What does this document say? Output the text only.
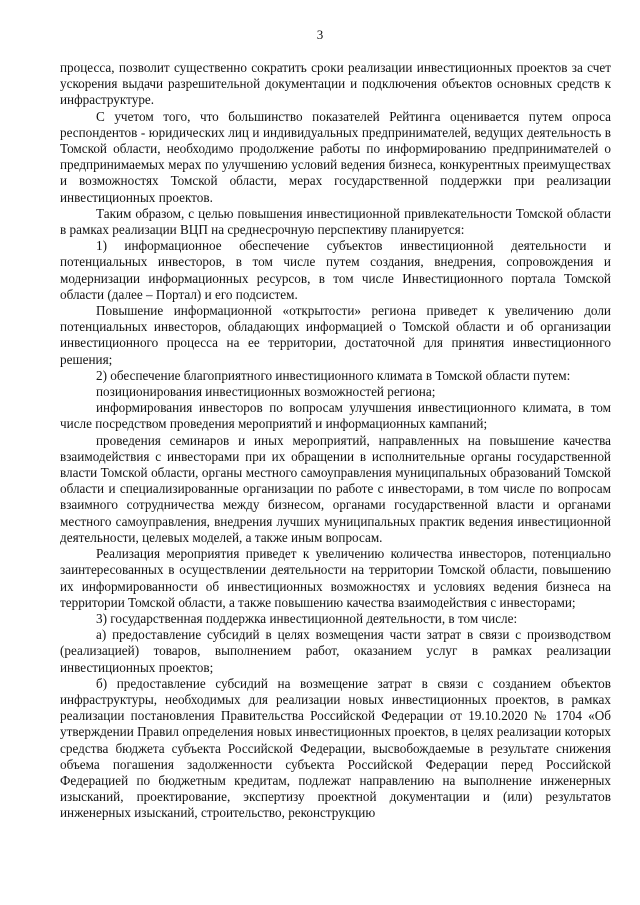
3

процесса, позволит существенно сократить сроки реализации инвестиционных проектов за счет ускорения выдачи разрешительной документации и подключения объектов основных средств к инфраструктуре.

С учетом того, что большинство показателей Рейтинга оценивается путем опроса респондентов - юридических лиц и индивидуальных предпринимателей, ведущих деятельность в Томской области, необходимо продолжение работы по информированию предпринимателей о предпринимаемых мерах по улучшению условий ведения бизнеса, конкурентных преимуществах и возможностях Томской области, мерах государственной поддержки при реализации инвестиционных проектов.

Таким образом, с целью повышения инвестиционной привлекательности Томской области в рамках реализации ВЦП на среднесрочную перспективу планируется:

1) информационное обеспечение субъектов инвестиционной деятельности и потенциальных инвесторов, в том числе путем создания, внедрения, сопровождения и модернизации информационных ресурсов, в том числе Инвестиционного портала Томской области (далее – Портал) и его подсистем.

Повышение информационной «открытости» региона приведет к увеличению доли потенциальных инвесторов, обладающих информацией о Томской области и об организации инвестиционного процесса на ее территории, достаточной для принятия инвестиционного решения;

2) обеспечение благоприятного инвестиционного климата в Томской области путем:

позиционирования инвестиционных возможностей региона;

информирования инвесторов по вопросам улучшения инвестиционного климата, в том числе посредством проведения мероприятий и информационных кампаний;

проведения семинаров и иных мероприятий, направленных на повышение качества взаимодействия с инвесторами при их обращении в исполнительные органы государственной власти Томской области, органы местного самоуправления муниципальных образований Томской области и специализированные организации по работе с инвесторами, в том числе по вопросам взаимного сотрудничества между бизнесом, органами государственной власти и органами местного самоуправления, внедрения лучших муниципальных практик ведения инвестиционной деятельности, целевых моделей, а также иным вопросам.

Реализация мероприятия приведет к увеличению количества инвесторов, потенциально заинтересованных в осуществлении деятельности на территории Томской области, повышению их информированности об инвестиционных возможностях и условиях ведения бизнеса на территории Томской области, а также повышению качества взаимодействия с инвесторами;

3) государственная поддержка инвестиционной деятельности, в том числе:

а) предоставление субсидий в целях возмещения части затрат в связи с производством (реализацией) товаров, выполнением работ, оказанием услуг в рамках реализации инвестиционных проектов;

б) предоставление субсидий на возмещение затрат в связи с созданием объектов инфраструктуры, необходимых для реализации новых инвестиционных проектов, в рамках реализации постановления Правительства Российской Федерации от 19.10.2020 № 1704 «Об утверждении Правил определения новых инвестиционных проектов, в целях реализации которых средства бюджета субъекта Российской Федерации, высвобождаемые в результате снижения объема погашения задолженности субъекта Российской Федерации перед Российской Федерацией по бюджетным кредитам, подлежат направлению на выполнение инженерных изысканий, проектирование, экспертизу проектной документации и (или) результатов инженерных изысканий, строительство, реконструкцию
